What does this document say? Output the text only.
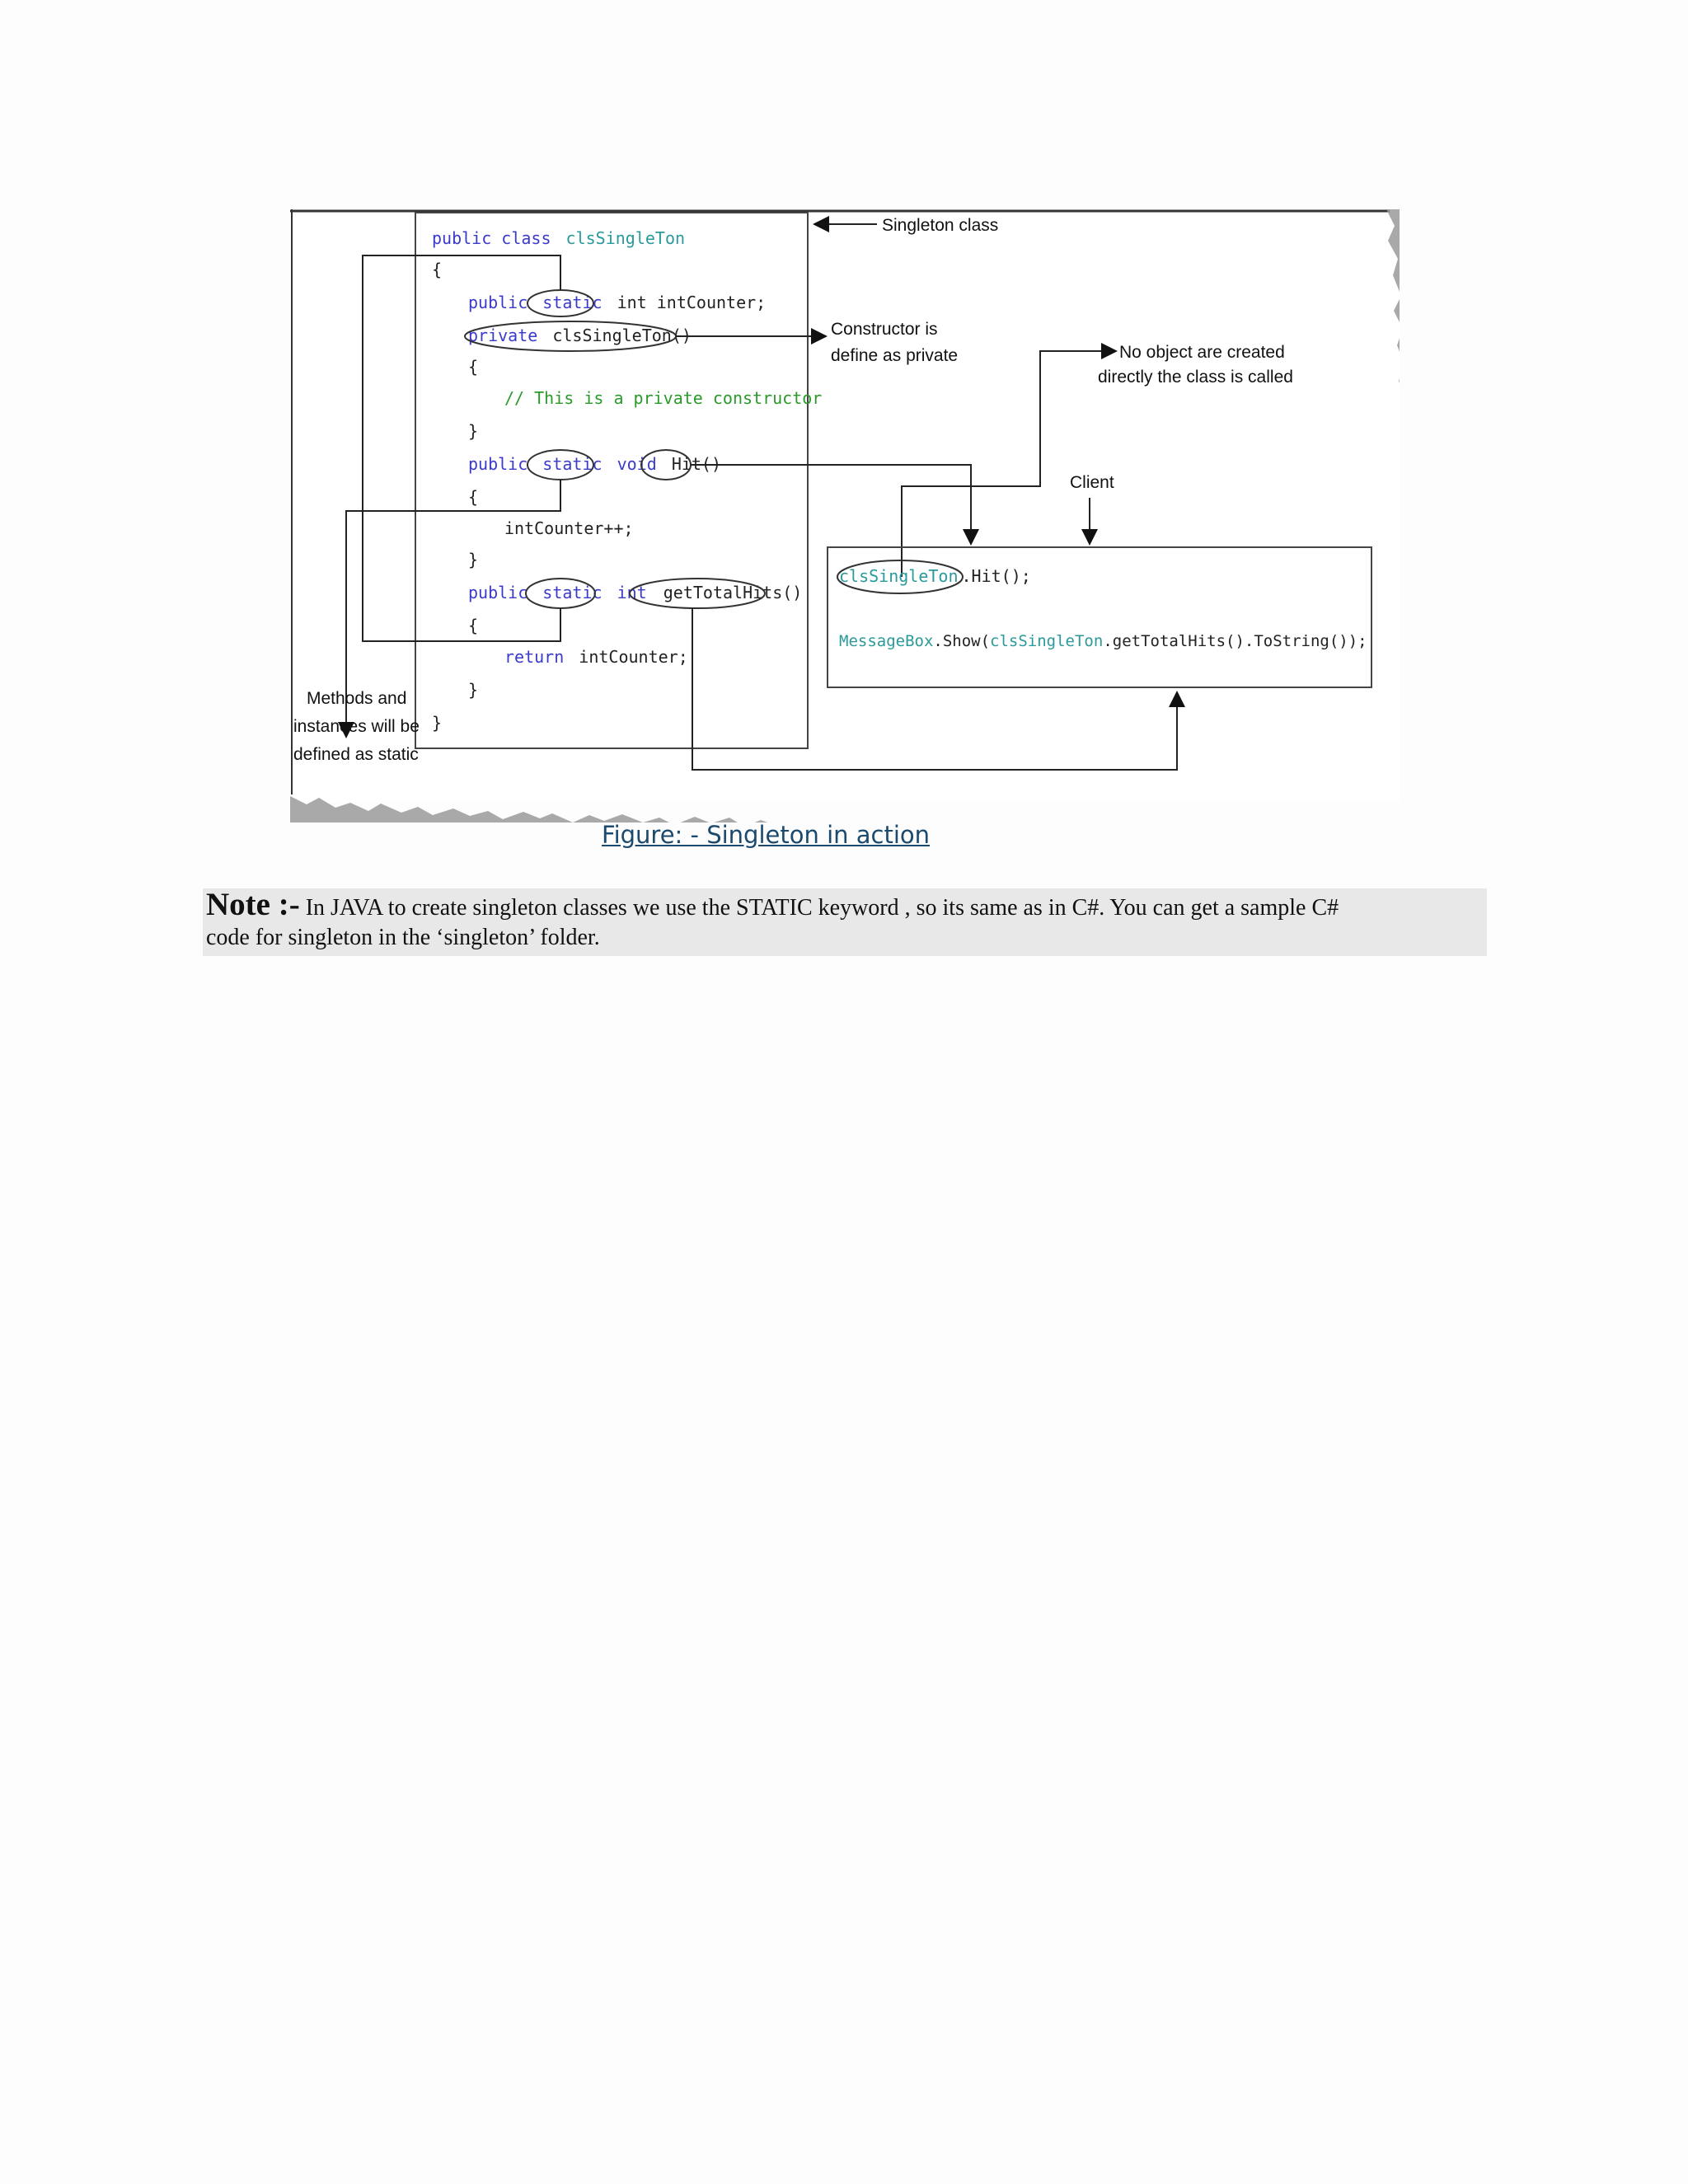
public class clsSingleTon
{
public static int intCounter;
private clsSingleTon()
{
// This is a private constructor
}
public static void Hit()
{
intCounter++;
}
public static int getTotalHits()
{
return intCounter;
}
}
Singleton class
Constructor is
define as private	No object are created
directly the class is called
Client
clsSingleTon .Hit();
MessageBox.Show(clsSingleTon.getTotalHits().ToString());
Methods and
instances will be
defined as static
Figure: - Singleton in action
Note :- In JAVA to create singleton classes we use the STATIC keyword , so its same as in C#. You can get a sample C#
code for singleton in the ‘singleton’ folder.
